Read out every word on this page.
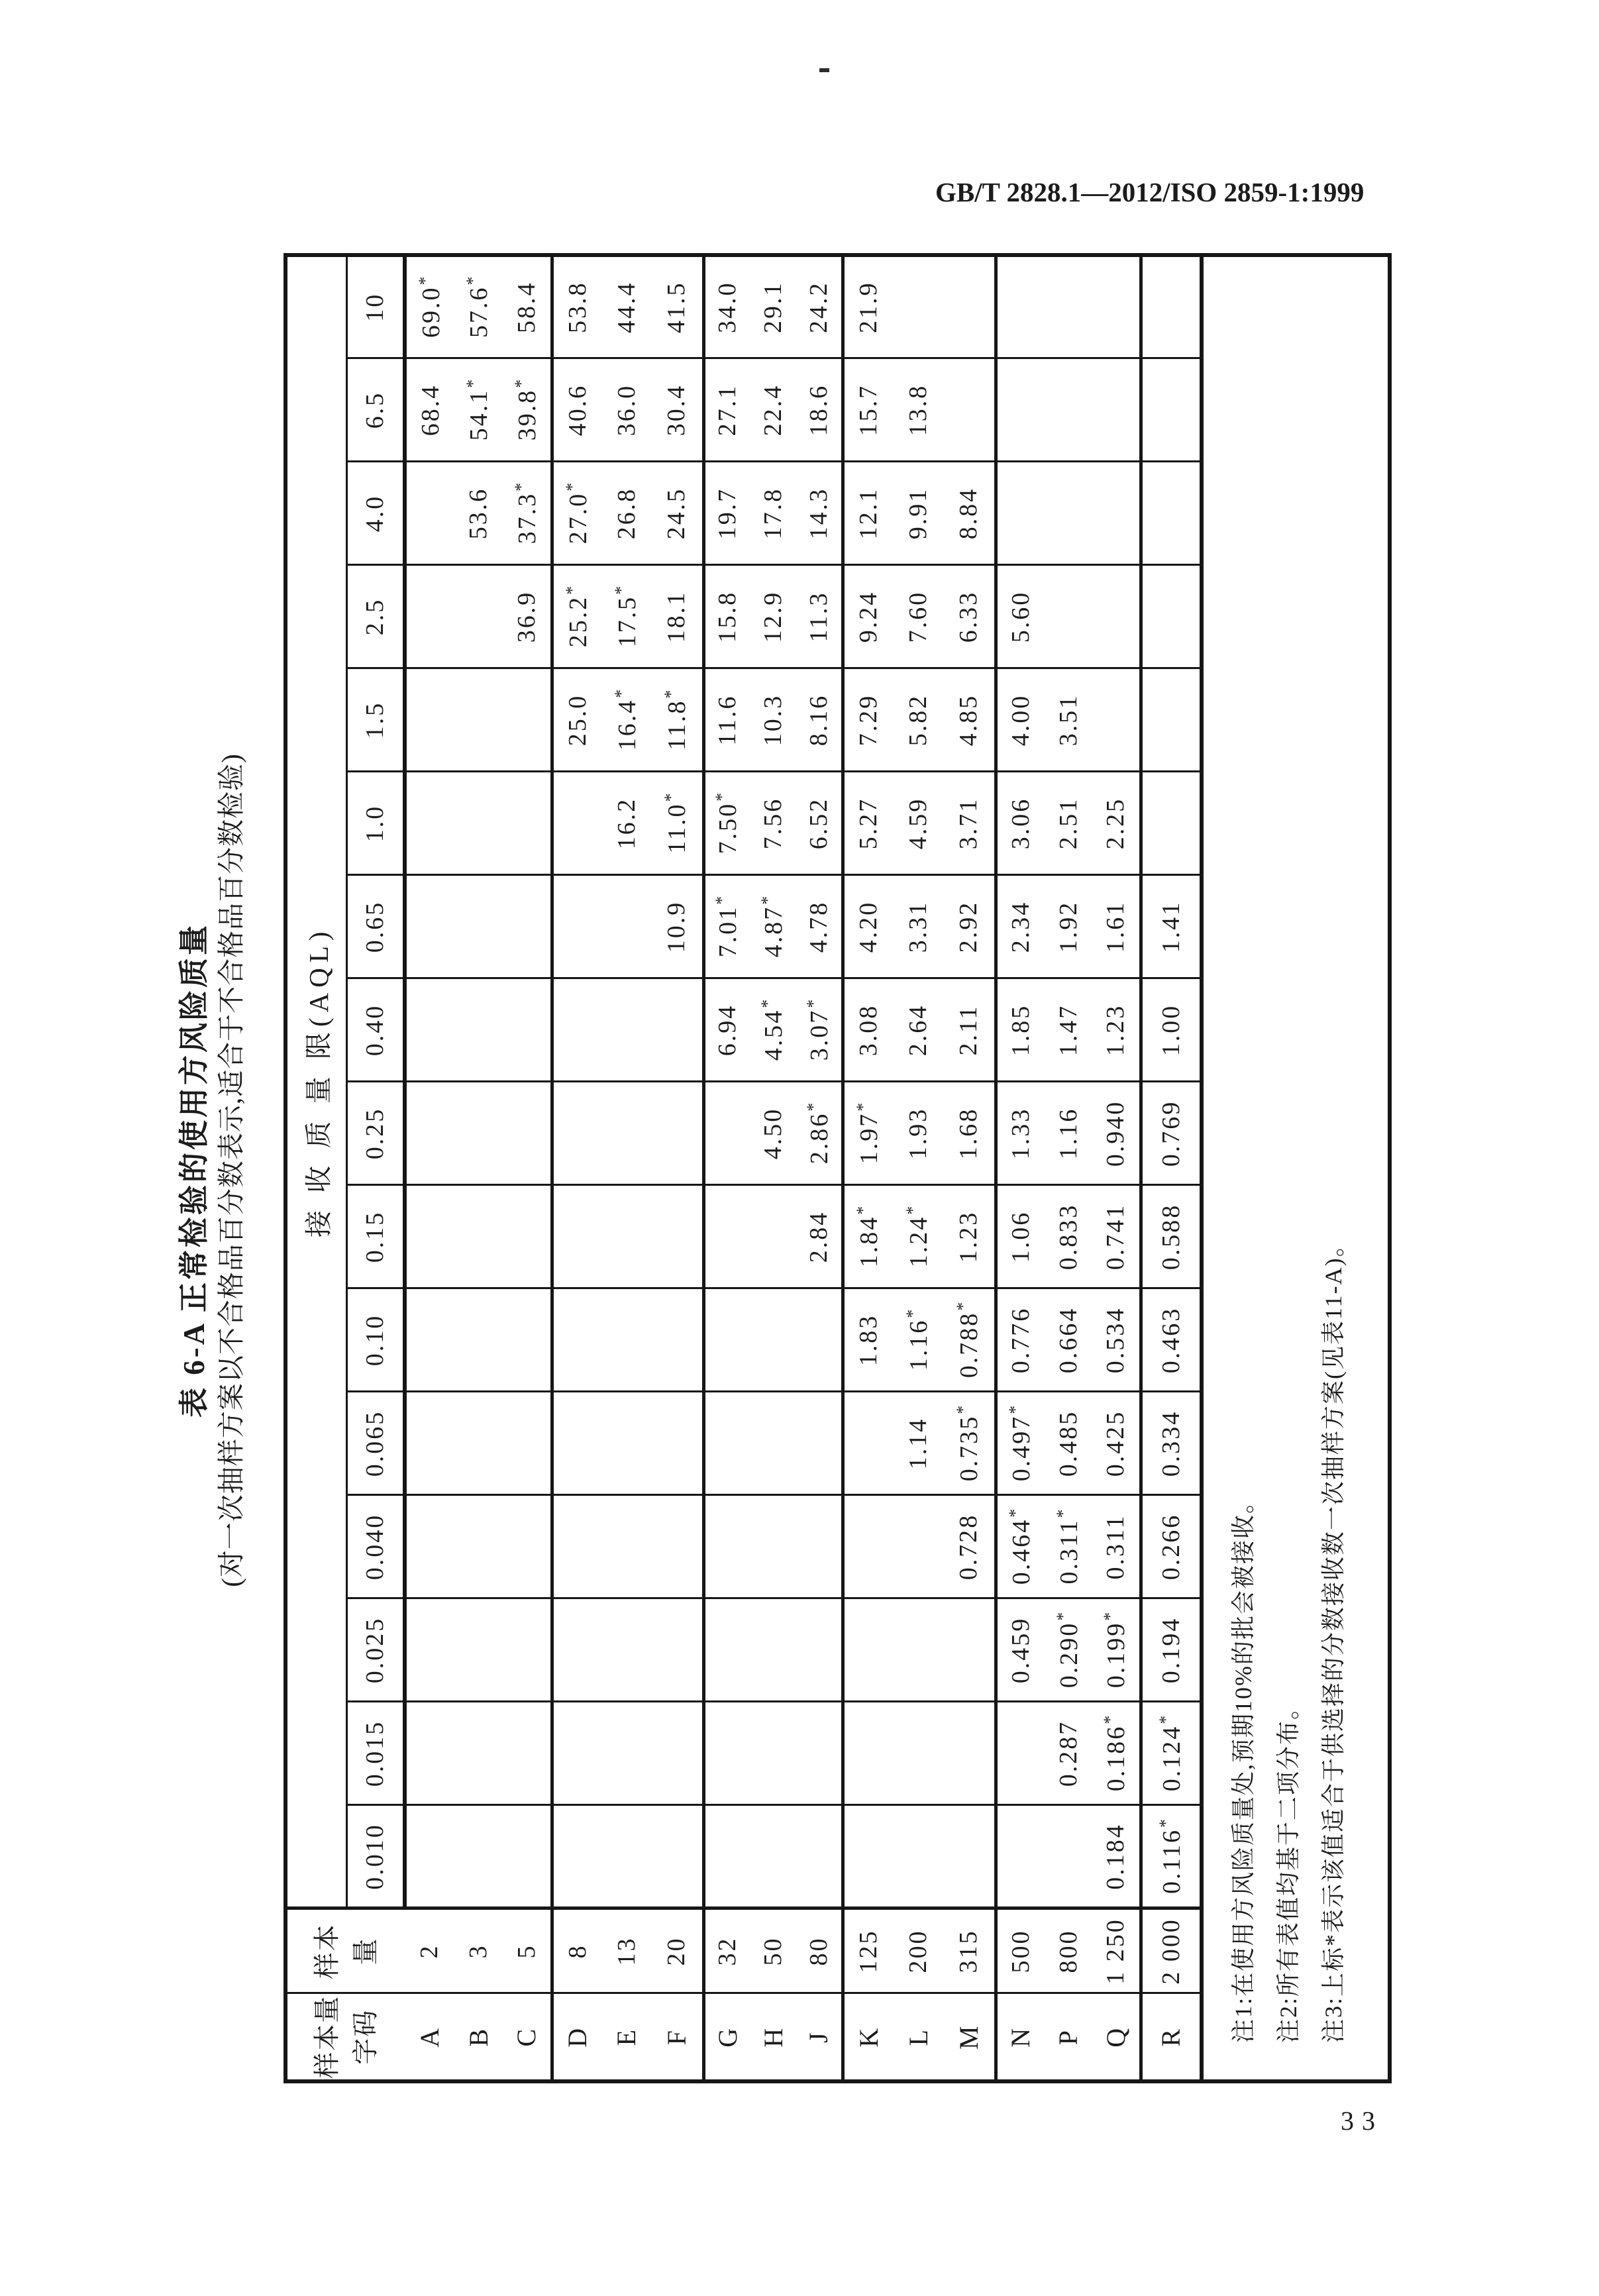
GB/T 2828.1—2012/ISO 2859-1:1999
表 6-A 正常检验的使用方风险质量 (对一次抽样方案以不合格品百分数表示,适合于不合格品百分数检验)
样本量 字码	样本 量	接 收 质 量 限(AQL)															
		0.010	0.015	0.025	0.040	0.065	0.10	0.15	0.25	0.40	0.65	1.0	1.5	2.5	4.0	6.5	10
A	2															68.4	69.0*
B	3														53.6	54.1*	57.6*
C	5													36.9	37.3*	39.8*	58.4
D	8												25.0	25.2*	27.0*	40.6	53.8
E	13											16.2	16.4*	17.5*	26.8	36.0	44.4
F	20										10.9	11.0*	11.8*	18.1	24.5	30.4	41.5
G	32									6.94	7.01*	7.50*	11.6	15.8	19.7	27.1	34.0
H	50								4.50	4.54*	4.87*	7.56	10.3	12.9	17.8	22.4	29.1
J	80							2.84	2.86*	3.07*	4.78	6.52	8.16	11.3	14.3	18.6	24.2
K	125						1.83	1.84*	1.97*	3.08	4.20	5.27	7.29	9.24	12.1	15.7	21.9
L	200					1.14	1.16*	1.24*	1.93	2.64	3.31	4.59	5.82	7.60	9.91	13.8	
M	315				0.728	0.735*	0.788*	1.23	1.68	2.11	2.92	3.71	4.85	6.33	8.84		
N	500			0.459	0.464*	0.497*	0.776	1.06	1.33	1.85	2.34	3.06	4.00	5.60			
P	800		0.287	0.290*	0.311*	0.485	0.664	0.833	1.16	1.47	1.92	2.51	3.51				
Q	1 250	0.184	0.186*	0.199*	0.311	0.425	0.534	0.741	0.940	1.23	1.61	2.25					
R	2 000	0.116*	0.124*	0.194	0.266	0.334	0.463	0.588	0.769	1.00	1.41						

注1:在使用方风险质量处,预期10%的批会被接收。 注2:所有表值均基于二项分布。 注3:上标*表示该值适合于供选择的分数接收数一次抽样方案(见表11-A)。																	
33
